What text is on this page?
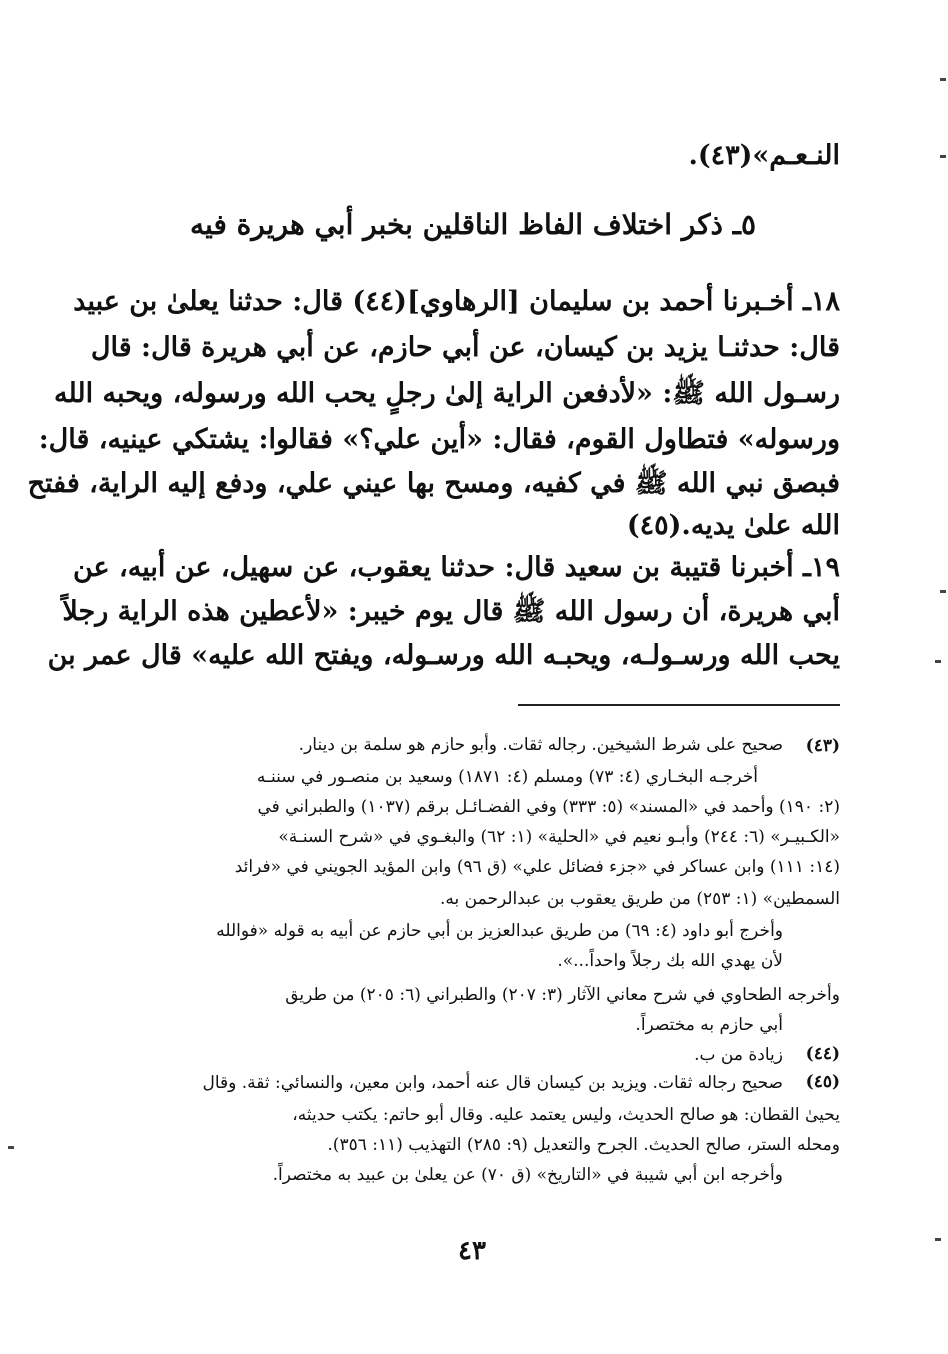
النـعـم»(٤٣).
٥ـ ذكر اختلاف الفاظ الناقلين بخبر أبي هريرة فيه
١٨ـ أخـبرنا أحمد بن سليمان [الرهاوي](٤٤) قال: حدثنا يعلىٰ بن عبيد
قال: حدثنـا يزيد بن كيسان، عن أبي حازم، عن أبي هريرة قال: قال
رسـول الله ﷺ: «لأدفعن الراية إلىٰ رجلٍ يحب الله ورسوله، ويحبه الله
ورسوله» فتطاول القوم، فقال: «أين علي؟» فقالوا: يشتكي عينيه، قال:
فبصق نبي الله ﷺ في كفيه، ومسح بها عيني علي، ودفع إليه الراية، ففتح
الله علىٰ يديه.(٤٥)
١٩ـ أخبرنا قتيبة بن سعيد قال: حدثنا يعقوب، عن سهيل، عن أبيه، عن
أبي هريرة، أن رسول الله ﷺ قال يوم خيبر: «لأعطين هذه الراية رجلاً
يحب الله ورسـولـه، ويحبـه الله ورسـوله، ويفتح الله عليه» قال عمر بن
(٤٣)
(٤٤)
(٤٥)
صحيح على شرط الشيخين. رجاله ثقات. وأبو حازم هو سلمة بن دينار.
أخرجـه البخـاري (٤: ٧٣) ومسلم (٤: ١٨٧١) وسعيد بن منصـور في سننـه
(٢: ١٩٠) وأحمد في «المسند» (٥: ٣٣٣) وفي الفضـائـل برقم (١٠٣٧) والطبراني في
«الكـبيـر» (٦: ٢٤٤) وأبـو نعيم في «الحلية» (١: ٦٢) والبغـوي في «شرح السنـة»
(١٤: ١١١) وابن عساكر في «جزء فضائل علي» (ق ٩٦) وابن المؤيد الجويني في «فرائد
السمطين» (١: ٢٥٣) من طريق يعقوب بن عبدالرحمن به.
وأخرج أبو داود (٤: ٦٩) من طريق عبدالعزيز بن أبي حازم عن أبيه به قوله «فوالله
لأن يهدي الله بك رجلاً واحداً...».
وأخرجه الطحاوي في شرح معاني الآثار (٣: ٢٠٧) والطبراني (٦: ٢٠٥) من طريق
أبي حازم به مختصراً.
زيادة من ب.
صحيح رجاله ثقات. ويزيد بن كيسان قال عنه أحمد، وابن معين، والنسائي: ثقة. وقال
يحيىٰ القطان: هو صالح الحديث، وليس يعتمد عليه. وقال أبو حاتم: يكتب حديثه،
ومحله الستر، صالح الحديث. الجرح والتعديل (٩: ٢٨٥) التهذيب (١١: ٣٥٦).
وأخرجه ابن أبي شيبة في «التاريخ» (ق ٧٠) عن يعلىٰ بن عبيد به مختصراً.
٤٣
